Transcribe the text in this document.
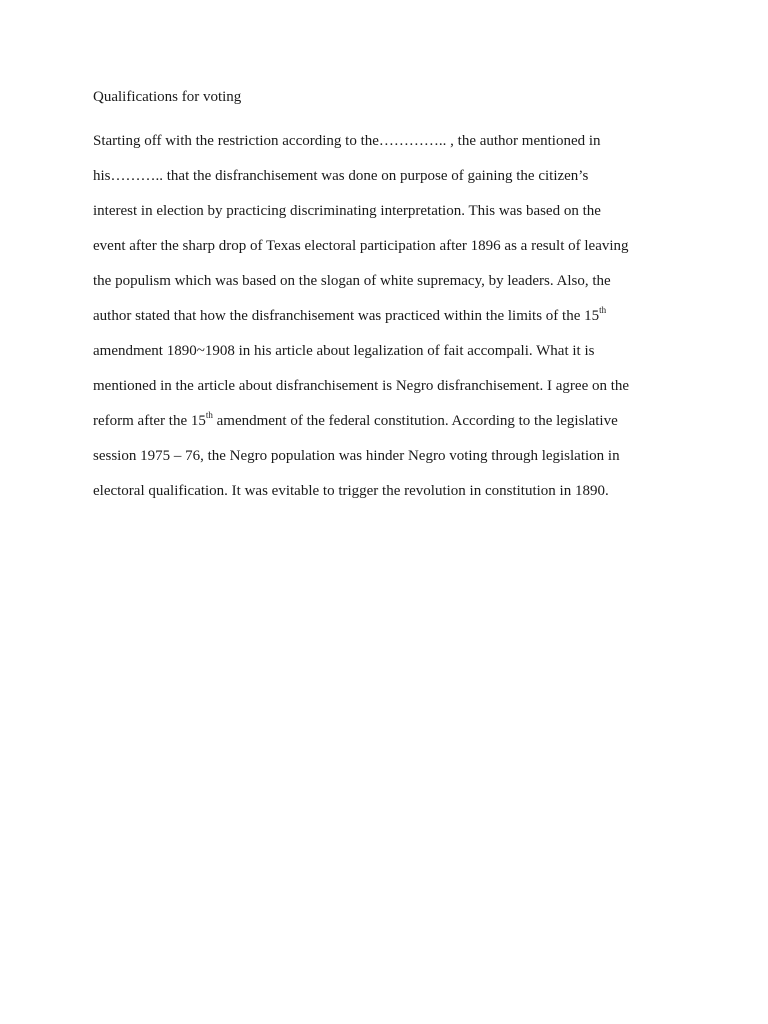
Qualifications for voting
Starting off with the restriction according to the………….. , the author mentioned in
his……….. that the disfranchisement was done on purpose of gaining the citizen’s
interest in election by practicing discriminating interpretation. This was based on the
event after the sharp drop of Texas electoral participation after 1896 as a result of leaving
the populism which was based on the slogan of white supremacy, by leaders. Also, the
author stated that how the disfranchisement was practiced within the limits of the 15th
amendment 1890~1908 in his article about legalization of fait accompali. What it is
mentioned in the article about disfranchisement is Negro disfranchisement. I agree on the
reform after the 15th amendment of the federal constitution. According to the legislative
session 1975 – 76, the Negro population was hinder Negro voting through legislation in
electoral qualification. It was evitable to trigger the revolution in constitution in 1890.
